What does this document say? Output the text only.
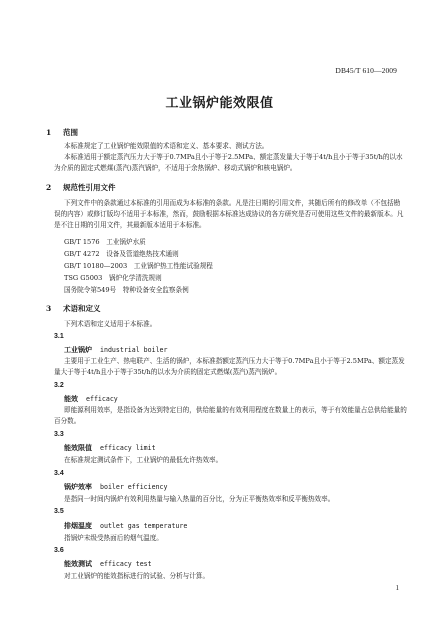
DB45/T 610—2009
工业锅炉能效限值
1 范围
本标准规定了工业锅炉能效限值的术语和定义、基本要求、测试方法。
本标准适用于额定蒸汽压力大于等于0.7MPa且小于等于2.5MPa、额定蒸发量大于等于4t/h且小于等于35t/h的以水为介质的固定式燃煤(蒸汽)蒸汽锅炉，不适用于余热锅炉、移动式锅炉和核电锅炉。
2 规范性引用文件
下列文件中的条款通过本标准的引用而成为本标准的条款。凡是注日期的引用文件，其随后所有的修改单（不包括勘误的内容）或修订版均不适用于本标准，然而，鼓励根据本标准达成协议的各方研究是否可使用这些文件的最新版本。凡是不注日期的引用文件，其最新版本适用于本标准。
GB/T 1576　工业锅炉水质
GB/T 4272　设备及管道绝热技术通则
GB/T 10180—2003　工业锅炉热工性能试验规程
TSG G5003　锅炉化学清洗规则
国务院令第549号　特种设备安全监察条例
3 术语和定义
下列术语和定义适用于本标准。
3.1
工业锅炉 industrial boiler
主要用于工业生产、热电联产、生活的锅炉，本标准指额定蒸汽压力大于等于0.7MPa且小于等于2.5MPa、额定蒸发量大于等于4t/h且小于等于35t/h的以水为介质的固定式燃煤(蒸汽)蒸汽锅炉。
3.2
能效 efficacy
即能源利用效率，是指设备为达到特定目的，供给能量的有效利用程度在数量上的表示，等于有效能量占总供给能量的百分数。
3.3
能效限值 efficacy limit
在标准规定测试条件下，工业锅炉的最低允许热效率。
3.4
锅炉效率 boiler efficiency
是指同一时间内锅炉有效利用热量与输入热量的百分比，分为正平衡热效率和反平衡热效率。
3.5
排烟温度 outlet gas temperature
指锅炉末级受热面后的烟气温度。
3.6
能效测试 efficacy test
对工业锅炉的能效指标进行的试验、分析与计算。
1
